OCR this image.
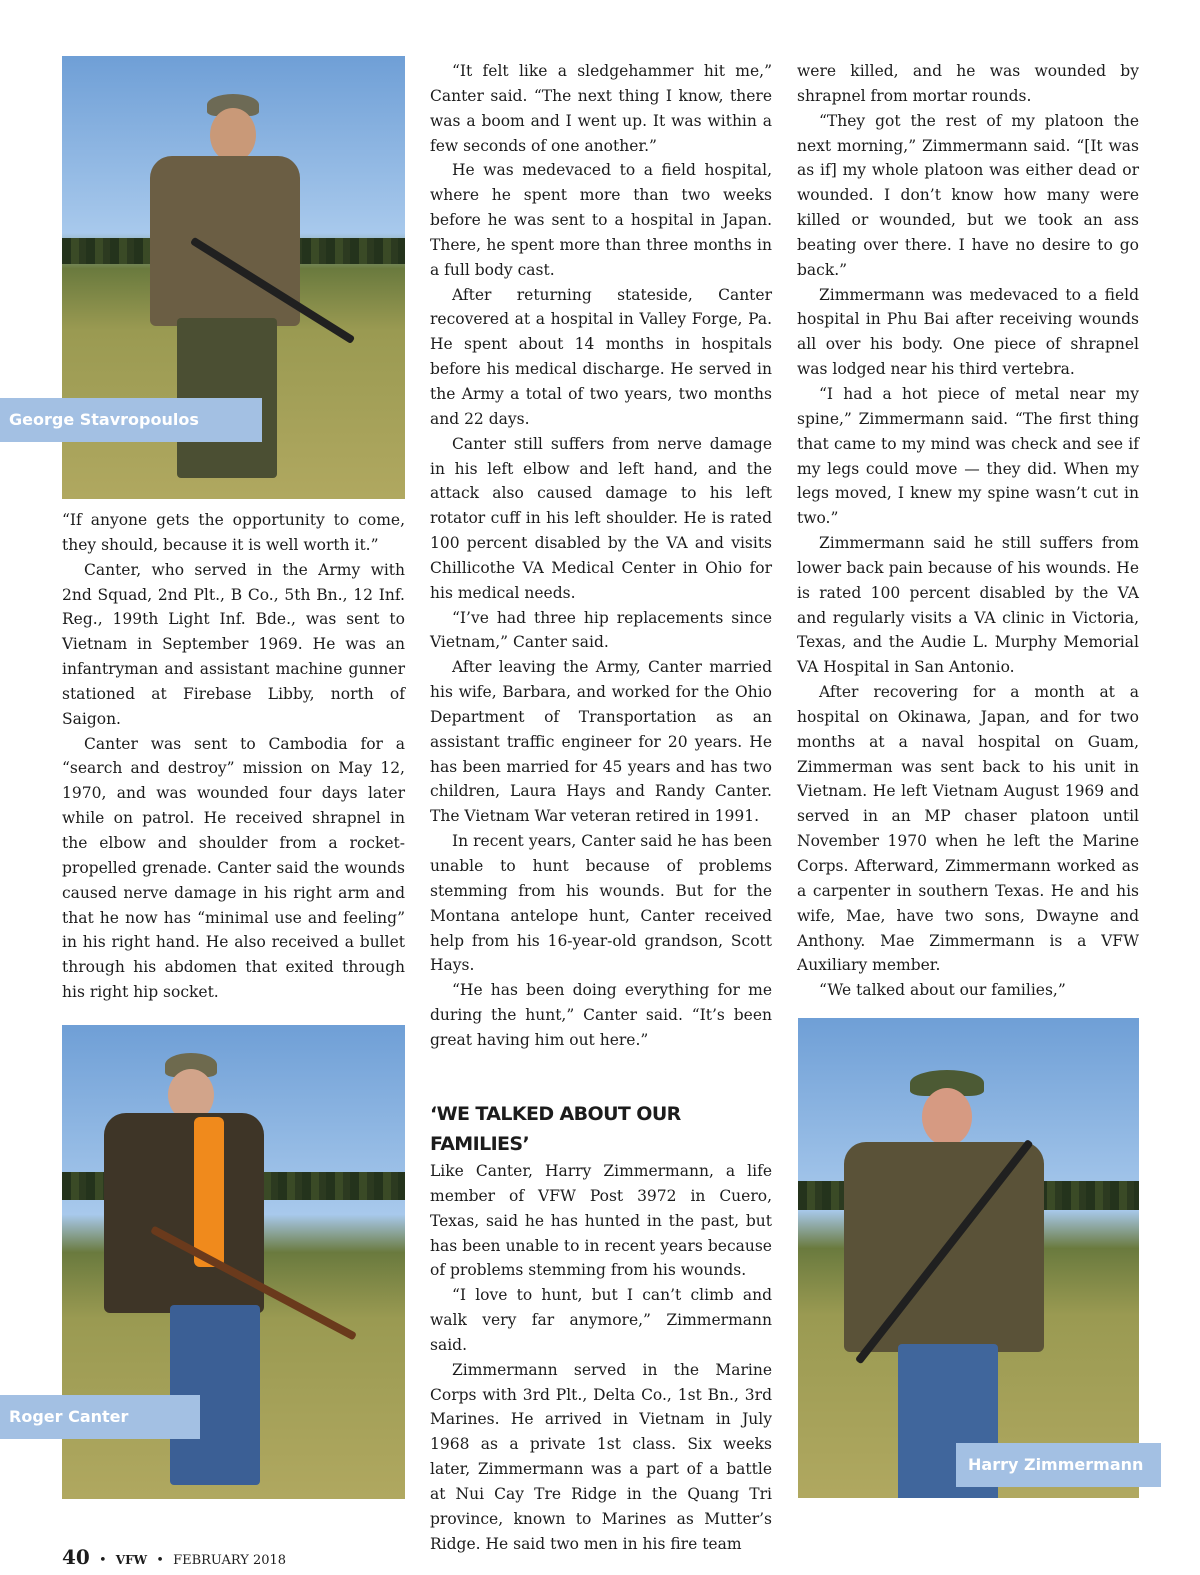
George Stavropoulos
Roger Canter
Harry Zimmermann

“If anyone gets the opportunity to come, they should, because it is well worth it.”

Canter, who served in the Army with 2nd Squad, 2nd Plt., B Co., 5th Bn., 12 Inf. Reg., 199th Light Inf. Bde., was sent to Vietnam in September 1969. He was an infantryman and assistant machine gunner stationed at Firebase Libby, north of Saigon.

Canter was sent to Cambodia for a “search and destroy” mission on May 12, 1970, and was wounded four days later while on patrol. He received shrapnel in the elbow and shoulder from a rocket-propelled grenade. Canter said the wounds caused nerve damage in his right arm and that he now has “minimal use and feeling” in his right hand. He also received a bullet through his abdomen that exited through his right hip socket.

“It felt like a sledgehammer hit me,” Canter said. “The next thing I know, there was a boom and I went up. It was within a few seconds of one another.”

He was medevaced to a field hospital, where he spent more than two weeks before he was sent to a hospital in Japan. There, he spent more than three months in a full body cast.

After returning stateside, Canter recovered at a hospital in Valley Forge, Pa. He spent about 14 months in hospitals before his medical discharge. He served in the Army a total of two years, two months and 22 days.

Canter still suffers from nerve damage in his left elbow and left hand, and the attack also caused damage to his left rotator cuff in his left shoulder. He is rated 100 percent disabled by the VA and visits Chillicothe VA Medical Center in Ohio for his medical needs.

“I’ve had three hip replacements since Vietnam,” Canter said.

After leaving the Army, Canter married his wife, Barbara, and worked for the Ohio Department of Transportation as an assistant traffic engineer for 20 years. He has been married for 45 years and has two children, Laura Hays and Randy Canter. The Vietnam War veteran retired in 1991.

In recent years, Canter said he has been unable to hunt because of problems stemming from his wounds. But for the Montana antelope hunt, Canter received help from his 16-year-old grandson, Scott Hays.

“He has been doing everything for me during the hunt,” Canter said. “It’s been great having him out here.”

‘WE TALKED ABOUT OUR FAMILIES’

Like Canter, Harry Zimmermann, a life member of VFW Post 3972 in Cuero, Texas, said he has hunted in the past, but has been unable to in recent years because of problems stemming from his wounds.

“I love to hunt, but I can’t climb and walk very far anymore,” Zimmermann said.

Zimmermann served in the Marine Corps with 3rd Plt., Delta Co., 1st Bn., 3rd Marines. He arrived in Vietnam in July 1968 as a private 1st class. Six weeks later, Zimmermann was a part of a battle at Nui Cay Tre Ridge in the Quang Tri province, known to Marines as Mutter’s Ridge. He said two men in his fire team

were killed, and he was wounded by shrapnel from mortar rounds.

“They got the rest of my platoon the next morning,” Zimmermann said. “[It was as if] my whole platoon was either dead or wounded. I don’t know how many were killed or wounded, but we took an ass beating over there. I have no desire to go back.”

Zimmermann was medevaced to a field hospital in Phu Bai after receiving wounds all over his body. One piece of shrapnel was lodged near his third vertebra.

“I had a hot piece of metal near my spine,” Zimmermann said. “The first thing that came to my mind was check and see if my legs could move — they did. When my legs moved, I knew my spine wasn’t cut in two.”

Zimmermann said he still suffers from lower back pain because of his wounds. He is rated 100 percent disabled by the VA and regularly visits a VA clinic in Victoria, Texas, and the Audie L. Murphy Memorial VA Hospital in San Antonio.

After recovering for a month at a hospital on Okinawa, Japan, and for two months at a naval hospital on Guam, Zimmerman was sent back to his unit in Vietnam. He left Vietnam August 1969 and served in an MP chaser platoon until November 1970 when he left the Marine Corps. Afterward, Zimmermann worked as a carpenter in southern Texas. He and his wife, Mae, have two sons, Dwayne and Anthony. Mae Zimmermann is a VFW Auxiliary member.

“We talked about our families,”

40 • VFW • FEBRUARY 2018
